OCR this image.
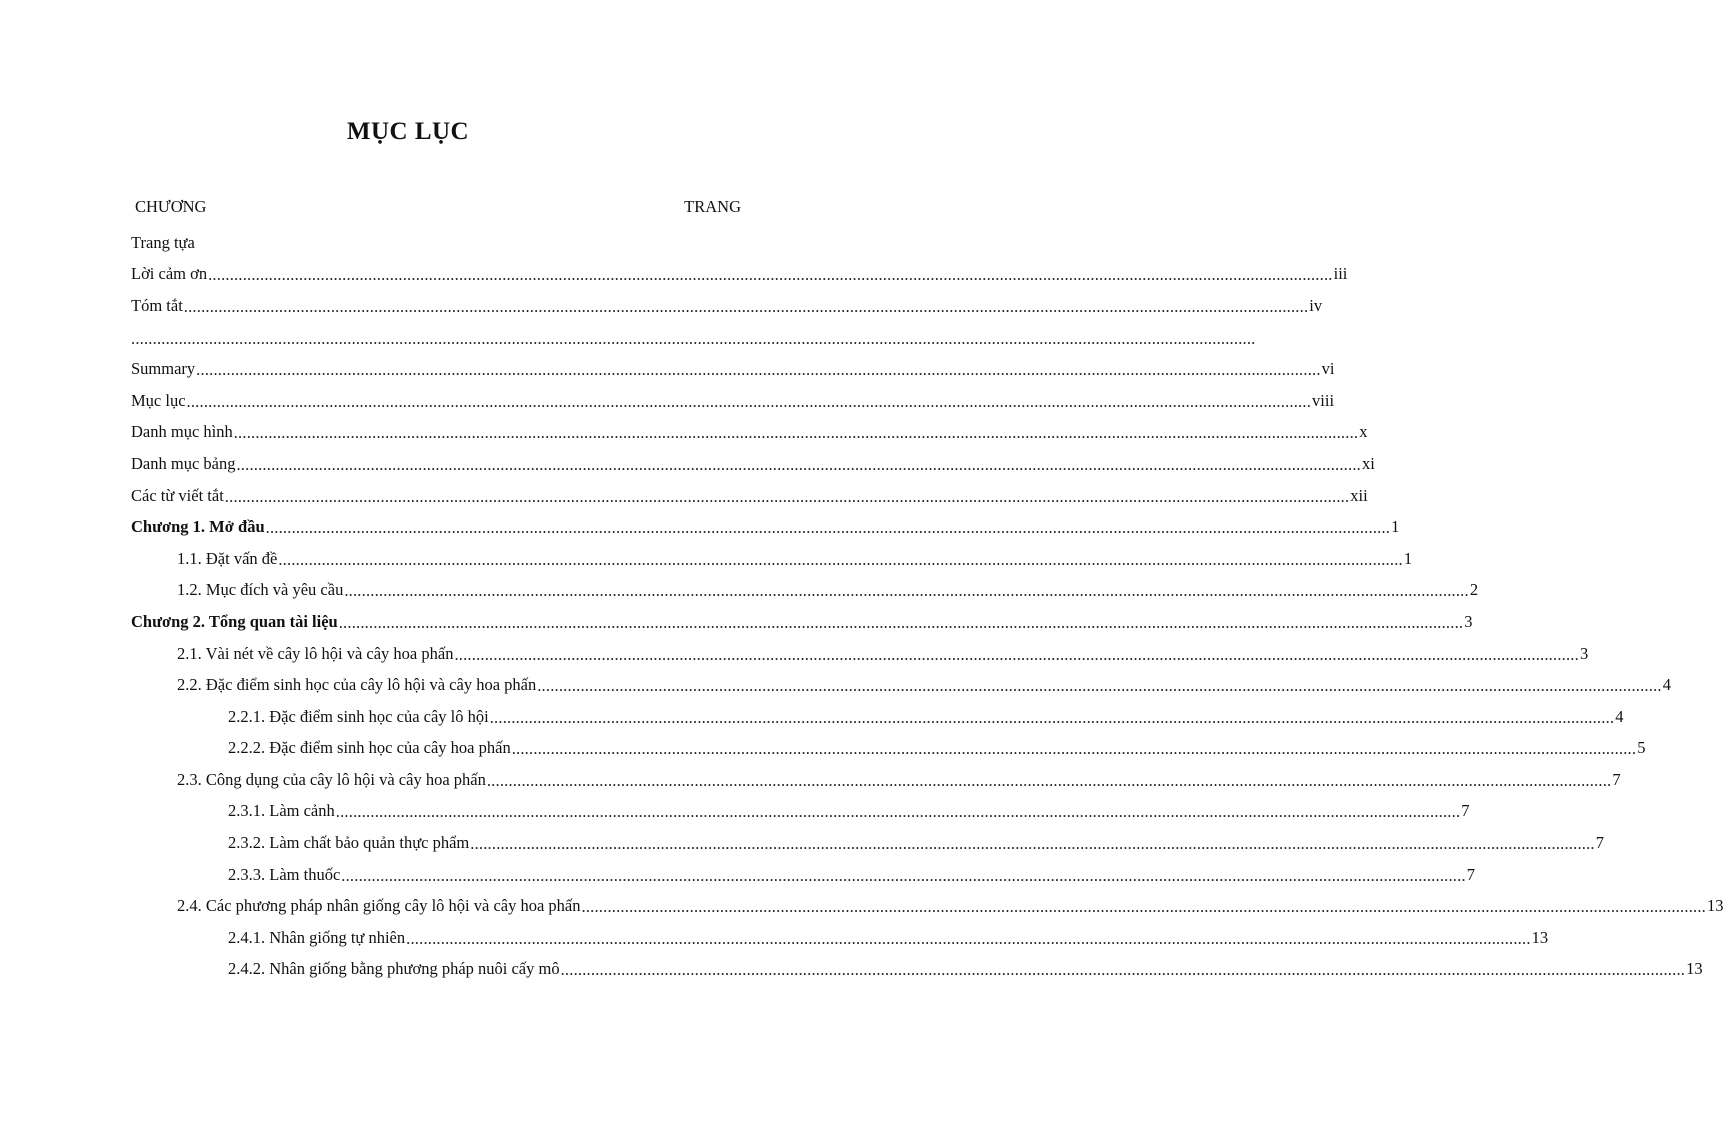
MỤC LỤC
CHƯƠNG	TRANG
Trang tựa
Lời cảm ơn .................................................................................................................................................................................................................................................................... iii
Tóm tắt .................................................................................................................................................................................................................................................................... iv
....................................................................................................................................................................................................................................................................
Summary .................................................................................................................................................................................................................................................................... vi
Mục lục .................................................................................................................................................................................................................................................................... viii
Danh mục hình .................................................................................................................................................................................................................................................................... x
Danh mục bảng .................................................................................................................................................................................................................................................................... xi
Các từ viết tắt .................................................................................................................................................................................................................................................................... xii
Chương 1. Mở đầu .................................................................................................................................................................................................................................................................... 1
1.1. Đặt vấn đề .................................................................................................................................................................................................................................................................... 1
1.2. Mục đích và yêu cầu .................................................................................................................................................................................................................................................................... 2
Chương 2. Tổng quan tài liệu .................................................................................................................................................................................................................................................................... 3
2.1. Vài nét về cây lô hội và cây hoa phấn .................................................................................................................................................................................................................................................................... 3
2.2. Đặc điểm sinh học của cây lô hội và cây hoa phấn .................................................................................................................................................................................................................................................................... 4
2.2.1. Đặc điểm sinh học của cây lô hội .................................................................................................................................................................................................................................................................... 4
2.2.2. Đặc điểm sinh học của cây hoa phấn .................................................................................................................................................................................................................................................................... 5
2.3. Công dụng của cây lô hội và cây hoa phấn .................................................................................................................................................................................................................................................................... 7
2.3.1. Làm cảnh .................................................................................................................................................................................................................................................................... 7
2.3.2. Làm chất bảo quản thực phẩm .................................................................................................................................................................................................................................................................... 7
2.3.3. Làm thuốc .................................................................................................................................................................................................................................................................... 7
2.4. Các phương pháp nhân giống cây lô hội và cây hoa phấn .................................................................................................................................................................................................................................................................... 13
2.4.1. Nhân giống tự nhiên .................................................................................................................................................................................................................................................................... 13
2.4.2. Nhân giống bằng phương pháp nuôi cấy mô .................................................................................................................................................................................................................................................................... 13
